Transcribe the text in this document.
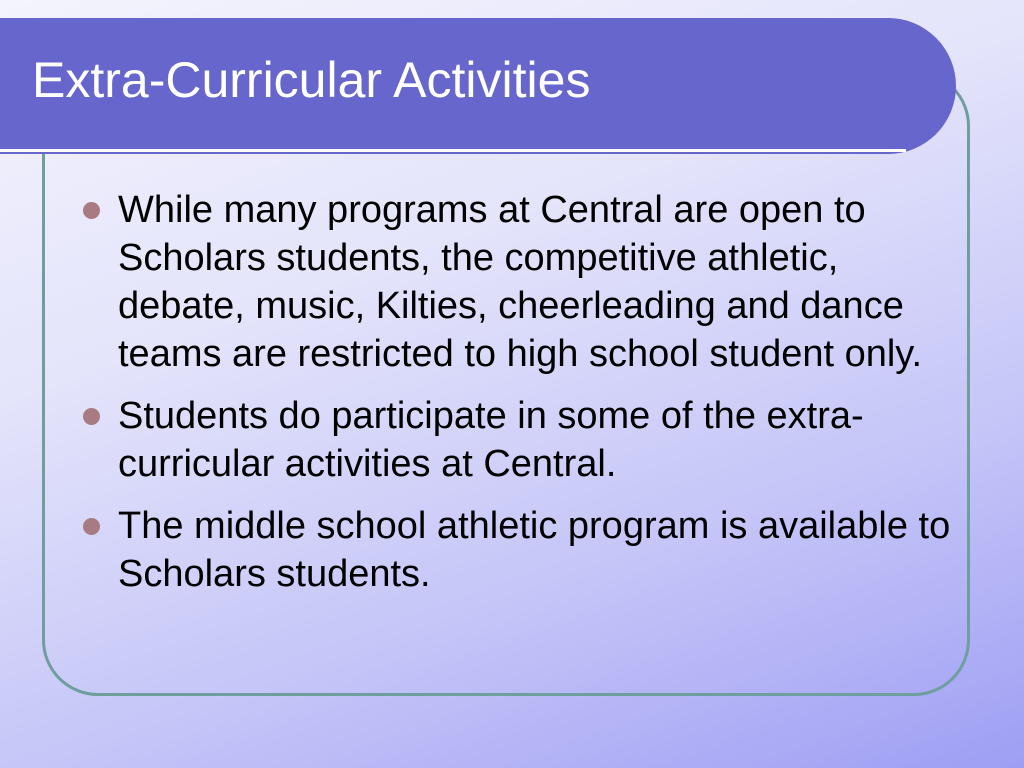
Extra-Curricular Activities
While many programs at Central are open to Scholars students, the competitive athletic, debate, music, Kilties, cheerleading and dance teams are restricted to high school student only.
Students do participate in some of the extra-curricular activities at Central.
The middle school athletic program is available to Scholars students.
